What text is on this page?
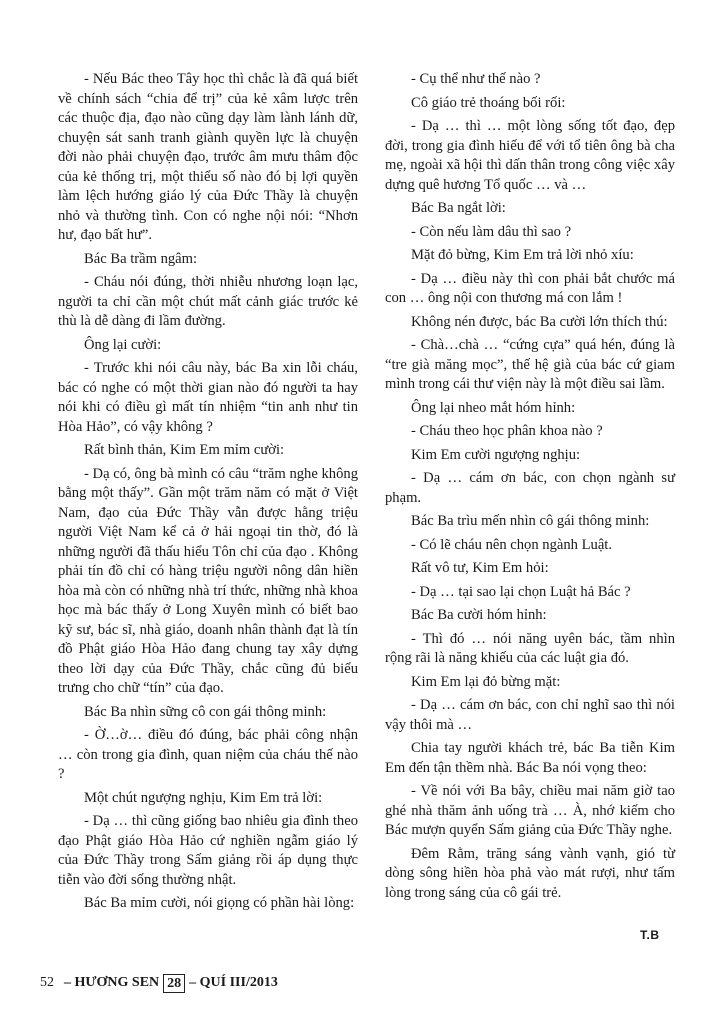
- Nếu Bác theo Tây học thì chắc là đã quá biết về chính sách “chia để trị” của kẻ xâm lược trên các thuộc địa, đạo nào cũng dạy làm lành lánh dữ, chuyện sát sanh tranh giành quyền lực là chuyện đời nào phải chuyện đạo, trước âm mưu thâm độc của kẻ thống trị, một thiểu số nào đó bị lợi quyền làm lệch hướng giáo lý của Đức Thầy là chuyện nhỏ và thường tình. Con có nghe nội nói: “Nhơn hư, đạo bất hư”.

Bác Ba trầm ngâm:

- Cháu nói đúng, thời nhiễu nhương loạn lạc, người ta chỉ cần một chút mất cảnh giác trước kẻ thù là dễ dàng đi lầm đường.

Ông lại cười:

- Trước khi nói câu này, bác Ba xin lỗi cháu, bác có nghe có một thời gian nào đó người ta hay nói khi có điều gì mất tín nhiệm “tin anh như tin Hòa Hảo”, có vậy không ?

Rất bình thản, Kim Em mỉm cười:

- Dạ có, ông bà mình có câu “trăm nghe không bằng một thấy”. Gần một trăm năm có mặt ở Việt Nam, đạo của Đức Thầy vẫn được hằng triệu người Việt Nam kể cả ở hải ngoại tin thờ, đó là những người đã thấu hiểu Tôn chỉ của đạo . Không phải tín đồ chỉ có hàng triệu người nông dân hiền hòa mà còn có những nhà trí thức, những nhà khoa học mà bác thấy ở Long Xuyên mình có biết bao kỹ sư, bác sĩ, nhà giáo, doanh nhân thành đạt là tín đồ Phật giáo Hòa Hảo đang chung tay xây dựng theo lời dạy của Đức Thầy, chắc cũng đủ biểu trưng cho chữ “tín” của đạo.

Bác Ba nhìn sững cô con gái thông minh:

- Ờ…ờ… điều đó đúng, bác phải công nhận … còn trong gia đình, quan niệm của cháu thế nào ?

Một chút ngượng nghịu, Kim Em trả lời:

- Dạ … thì cũng giống bao nhiêu gia đình theo đạo Phật giáo Hòa Hảo cứ nghiền ngẫm giáo lý của Đức Thầy trong Sấm giảng rồi áp dụng thực tiễn vào đời sống thường nhật.

Bác Ba mỉm cười, nói giọng có phần hài lòng:

- Cụ thể như thế nào ?

Cô giáo trẻ thoáng bối rối:

- Dạ … thì … một lòng sống tốt đạo, đẹp đời, trong gia đình hiếu để với tổ tiên ông bà cha mẹ, ngoài xã hội thì dấn thân trong công việc xây dựng quê hương Tổ quốc … và …

Bác Ba ngắt lời:

- Còn nếu làm dâu thì sao ?

Mặt đỏ bừng, Kim Em trả lời nhỏ xíu:

- Dạ … điều này thì con phải bắt chước má con … ông nội con thương má con lắm !

Không nén được, bác Ba cười lớn thích thú:

- Chà…chà … “cứng cựa” quá hén, đúng là “tre già măng mọc”, thế hệ già của bác cứ giam mình trong cái thư viện này là một điều sai lầm.

Ông lại nheo mắt hóm hỉnh:

- Cháu theo học phân khoa nào ?

Kim Em cười ngượng nghịu:

- Dạ … cám ơn bác, con chọn ngành sư phạm.

Bác Ba trìu mến nhìn cô gái thông minh:

- Có lẽ cháu nên chọn ngành Luật.

Rất vô tư, Kim Em hỏi:

- Dạ … tại sao lại chọn Luật hả Bác ?

Bác Ba cười hóm hỉnh:

- Thì đó … nói năng uyên bác, tầm nhìn rộng rãi là năng khiếu của các luật gia đó.

Kim Em lại đỏ bừng mặt:

- Dạ … cám ơn bác, con chỉ nghĩ sao thì nói vậy thôi mà …

Chia tay người khách trẻ, bác Ba tiễn Kim Em đến tận thềm nhà. Bác Ba nói vọng theo:

- Về nói với Ba bây, chiều mai năm giờ tao ghé nhà thăm ảnh uống trà … À, nhớ kiếm cho Bác mượn quyển Sấm giảng của Đức Thầy nghe.

Đêm Rằm, trăng sáng vành vạnh, gió từ dòng sông hiền hòa phả vào mát rượi, như tấm lòng trong sáng của cô gái trẻ.

T.B
52 – HƯƠNG SEN 28 – QUÍ III/2013
